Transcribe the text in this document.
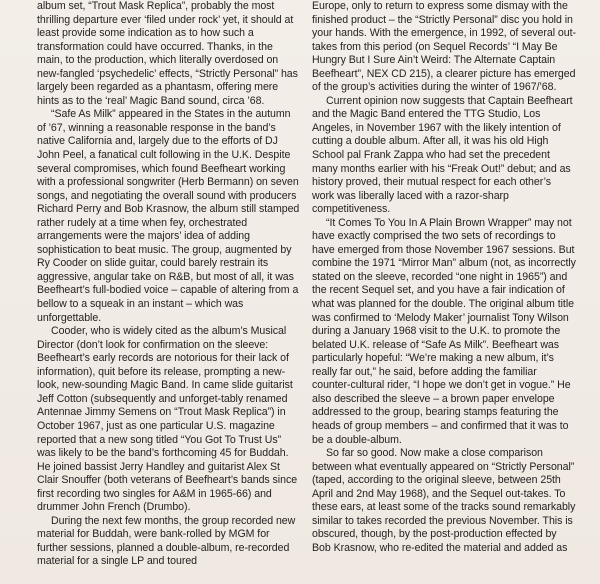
album set, “Trout Mask Replica”, probably the most thrilling departure ever ‘filed under rock’ yet, it should at least provide some indication as to how such a transformation could have occurred. Thanks, in the main, to the production, which literally overdosed on new-fangled ‘psychedelic’ effects, “Strictly Personal” has largely been regarded as a phantasm, offering mere hints as to the ‘real’ Magic Band sound, circa ’68.

“Safe As Milk” appeared in the States in the autumn of ’67, winning a reasonable response in the band’s native California and, largely due to the efforts of DJ John Peel, a fanatical cult following in the U.K. Despite several compromises, which found Beefheart working with a professional songwriter (Herb Bermann) on seven songs, and negotiating the overall sound with producers Richard Perry and Bob Krasnow, the album still stamped rather rudely at a time when fey, orchestrated arrangements were the majors’ idea of adding sophistication to beat music. The group, augmented by Ry Cooder on slide guitar, could barely restrain its aggressive, angular take on R&B, but most of all, it was Beefheart’s full-bodied voice – capable of altering from a bellow to a squeak in an instant – which was unforgettable.

Cooder, who is widely cited as the album’s Musical Director (don’t look for confirmation on the sleeve: Beefheart’s early records are notorious for their lack of information), quit before its release, prompting a new-look, new-sounding Magic Band. In came slide guitarist Jeff Cotton (subsequently and unforget-tably renamed Antennae Jimmy Semens on “Trout Mask Replica”) in October 1967, just as one particular U.S. magazine reported that a new song titled “You Got To Trust Us” was likely to be the band’s forthcoming 45 for Buddah. He joined bassist Jerry Handley and guitarist Alex St Clair Snouffer (both veterans of Beefheart’s bands since first recording two singles for A&M in 1965-66) and drummer John French (Drumbo).

During the next few months, the group recorded new material for Buddah, were bank-rolled by MGM for further sessions, planned a double-album, re-recorded material for a single LP and toured

Europe, only to return to express some dismay with the finished product – the “Strictly Personal” disc you hold in your hands. With the emergence, in 1992, of several out-takes from this period (on Sequel Records’ “I May Be Hungry But I Sure Ain’t Weird: The Alternate Captain Beefheart”, NEX CD 215), a clearer picture has emerged of the group’s activities during the winter of 1967/’68.

Current opinion now suggests that Captain Beefheart and the Magic Band entered the TTG Studio, Los Angeles, in November 1967 with the likely intention of cutting a double album. After all, it was his old High School pal Frank Zappa who had set the precedent many months earlier with his “Freak Out!” debut; and as history proved, their mutual respect for each other’s work was liberally laced with a razor-sharp competitiveness.

“It Comes To You In A Plain Brown Wrapper” may not have exactly comprised the two sets of recordings to have emerged from those November 1967 sessions. But combine the 1971 “Mirror Man” album (not, as incorrectly stated on the sleeve, recorded “one night in 1965”) and the recent Sequel set, and you have a fair indication of what was planned for the double. The original album title was confirmed to ‘Melody Maker’ journalist Tony Wilson during a January 1968 visit to the U.K. to promote the belated U.K. release of “Safe As Milk”. Beefheart was particularly hopeful: “We’re making a new album, it’s really far out,” he said, before adding the familiar counter-cultural rider, “I hope we don’t get in vogue.” He also described the sleeve – a brown paper envelope addressed to the group, bearing stamps featuring the heads of group members – and confirmed that it was to be a double-album.

So far so good. Now make a close comparison between what eventually appeared on “Strictly Personal” (taped, according to the original sleeve, between 25th April and 2nd May 1968), and the Sequel out-takes. To these ears, at least some of the tracks sound remarkably similar to takes recorded the previous November. This is obscured, though, by the post-production effected by Bob Krasnow, who re-edited the material and added as
